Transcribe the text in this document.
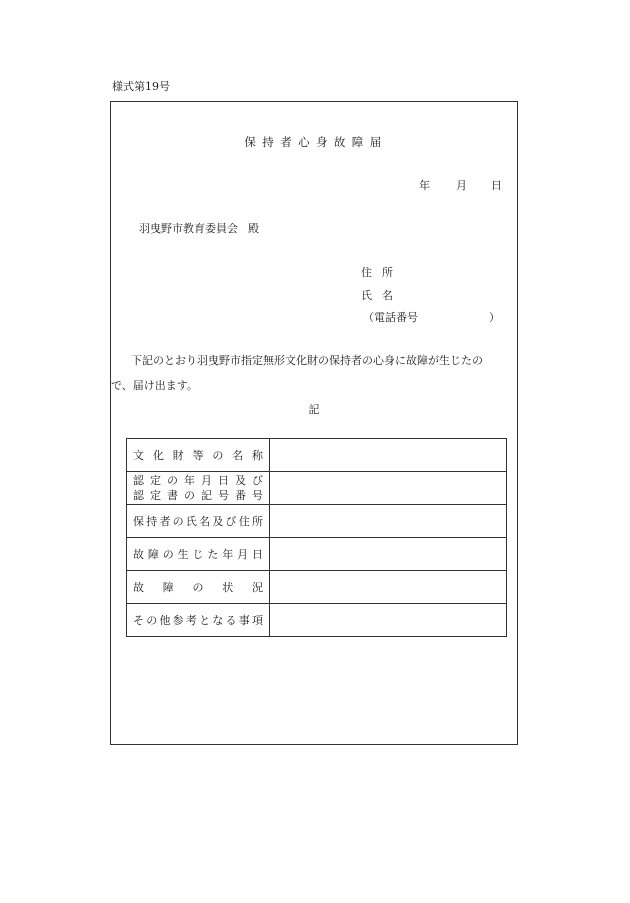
様式第19号
保持者心身故障届
年 月 日
羽曳野市教育委員会 殿
住 所
氏 名
（電話番号	）
下記のとおり羽曳野市指定無形文化財の保持者の心身に故障が生じたの
で、届け出ます。
記
文化財等の名称	

認定の年月日及び
認定書の記号番号	

保持者の氏名及び住所	

故障の生じた年月日	

故障の状況	

その他参考となる事項	
